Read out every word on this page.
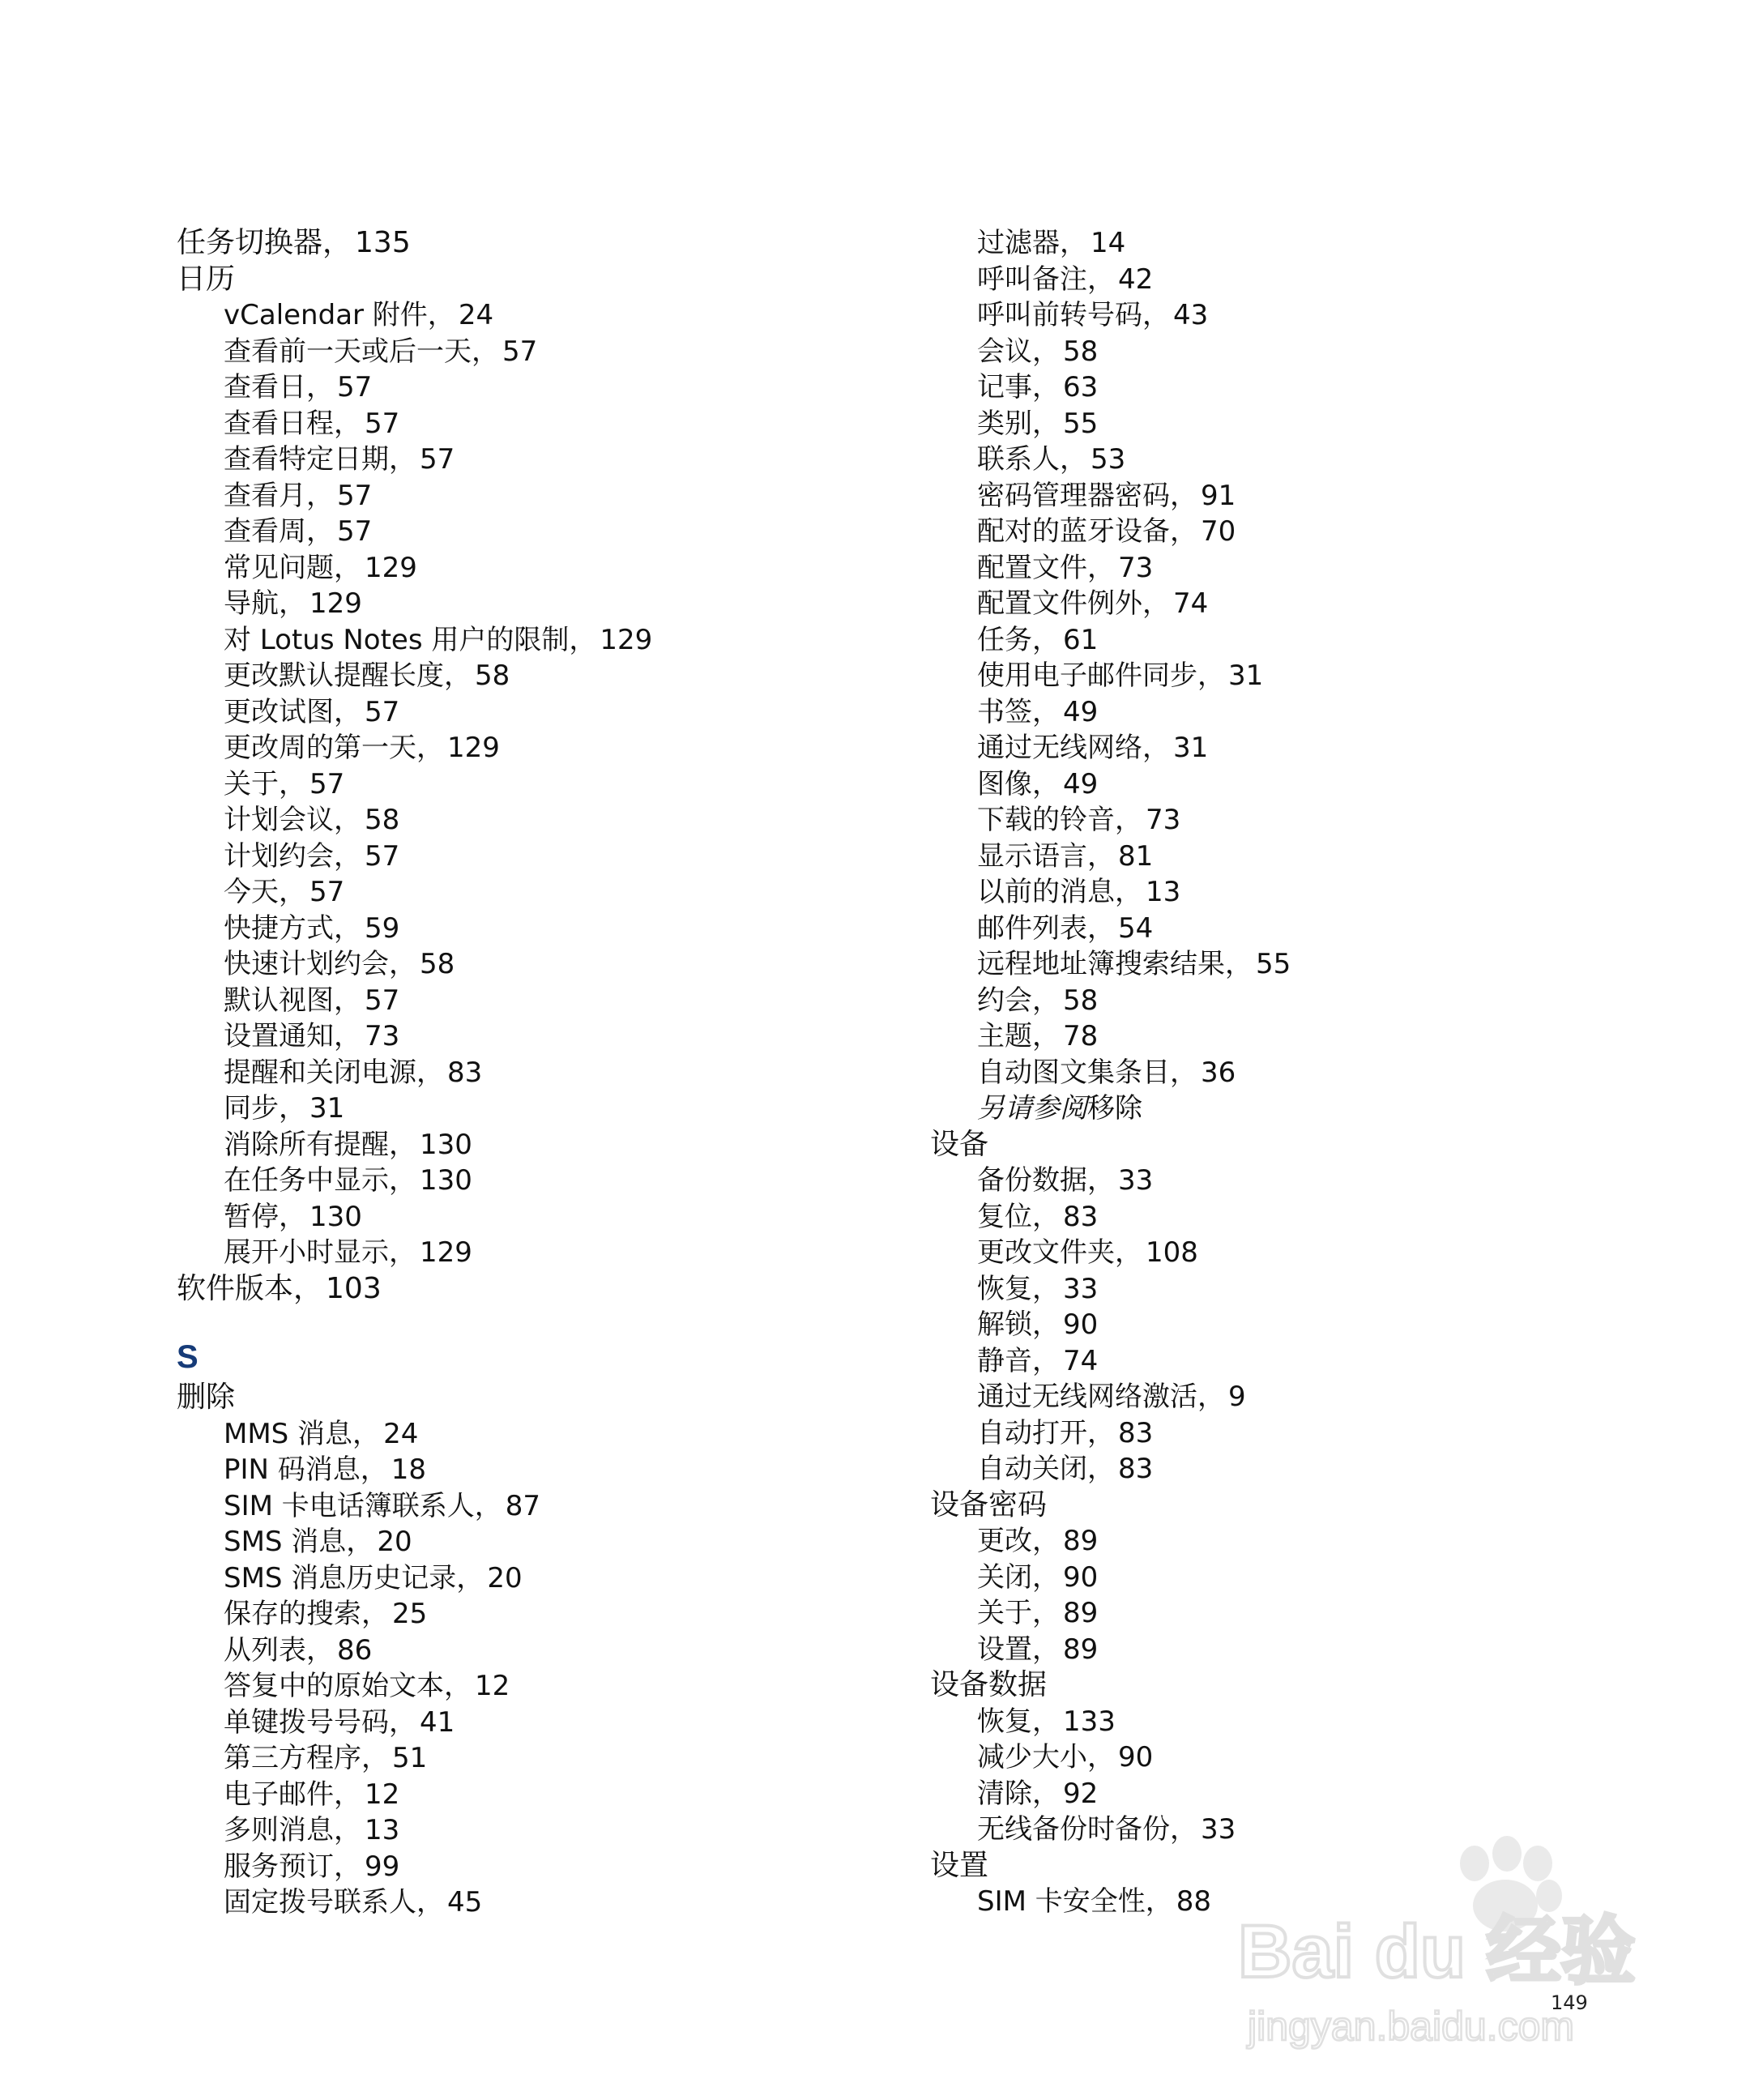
任务切换器， 135
日历
vCalendar 附件， 24
查看前一天或后一天， 57
查看日， 57
查看日程， 57
查看特定日期， 57
查看月， 57
查看周， 57
常见问题， 129
导航， 129
对 Lotus Notes 用户的限制， 129
更改默认提醒长度， 58
更改试图， 57
更改周的第一天， 129
关于， 57
计划会议， 58
计划约会， 57
今天， 57
快捷方式， 59
快速计划约会， 58
默认视图， 57
设置通知， 73
提醒和关闭电源， 83
同步， 31
消除所有提醒， 130
在任务中显示， 130
暂停， 130
展开小时显示， 129
软件版本， 103
S
删除
MMS 消息， 24
PIN 码消息， 18
SIM 卡电话簿联系人， 87
SMS 消息， 20
SMS 消息历史记录， 20
保存的搜索， 25
从列表， 86
答复中的原始文本， 12
单键拨号号码， 41
第三方程序， 51
电子邮件， 12
多则消息， 13
服务预订， 99
固定拨号联系人， 45
过滤器， 14
呼叫备注， 42
呼叫前转号码， 43
会议， 58
记事， 63
类别， 55
联系人， 53
密码管理器密码， 91
配对的蓝牙设备， 70
配置文件， 73
配置文件例外， 74
任务， 61
使用电子邮件同步， 31
书签， 49
通过无线网络， 31
图像， 49
下载的铃音， 73
显示语言， 81
以前的消息， 13
邮件列表， 54
远程地址簿搜索结果， 55
约会， 58
主题， 78
自动图文集条目， 36
另请参阅移除
设备
备份数据， 33
复位， 83
更改文件夹， 108
恢复， 33
解锁， 90
静音， 74
通过无线网络激活， 9
自动打开， 83
自动关闭， 83
设备密码
更改， 89
关闭， 90
关于， 89
设置， 89
设备数据
恢复， 133
减少大小， 90
清除， 92
无线备份时备份， 33
设置
SIM 卡安全性， 88
149
Bai du 经验
jingyan.baidu.com
